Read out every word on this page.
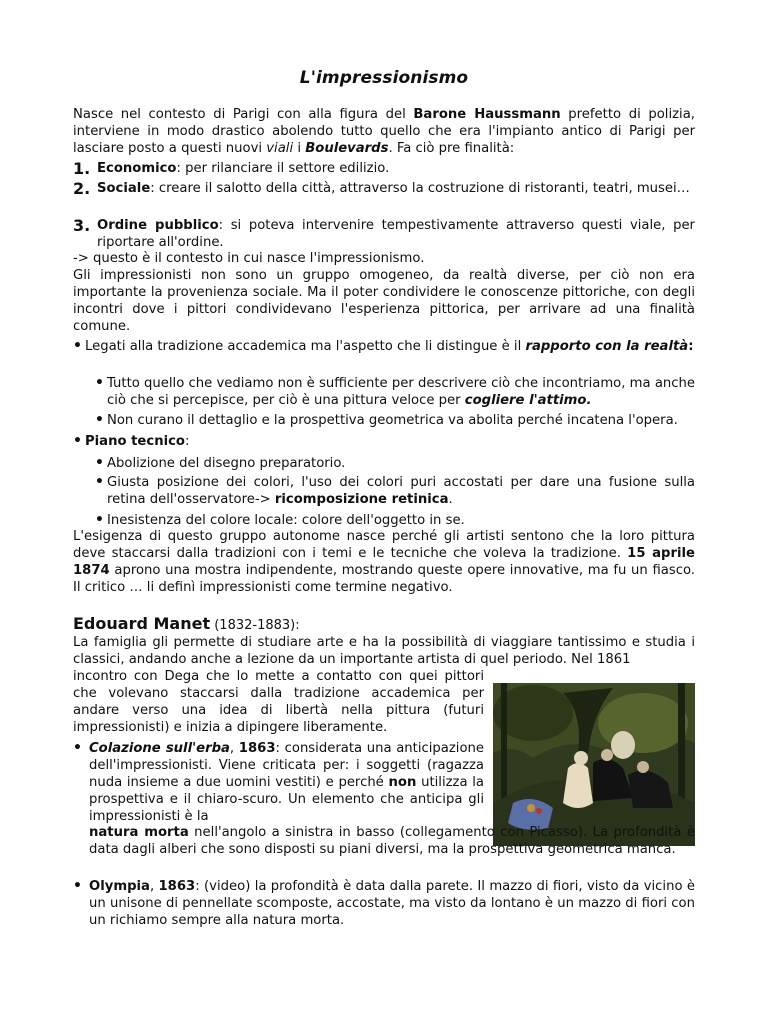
L'impressionismo
Nasce nel contesto di Parigi con alla figura del Barone Haussmann prefetto di polizia, interviene in modo drastico abolendo tutto quello che era l'impianto antico di Parigi per lasciare posto a questi nuovi viali i Boulevards. Fa ciò pre finalità:
1. Economico: per rilanciare il settore edilizio.
2. Sociale: creare il salotto della città, attraverso la costruzione di ristoranti, teatri, musei…
3. Ordine pubblico: si poteva intervenire tempestivamente attraverso questi viale, per riportare all'ordine.
-> questo è il contesto in cui nasce l'impressionismo.
Gli impressionisti non sono un gruppo omogeneo, da realtà diverse, per ciò non era importante la provenienza sociale. Ma il poter condividere le conoscenze pittoriche, con degli incontri dove i pittori condividevano l'esperienza pittorica, per arrivare ad una finalità comune.
• Legati alla tradizione accademica ma l'aspetto che li distingue è il rapporto con la realtà:
• Tutto quello che vediamo non è sufficiente per descrivere ciò che incontriamo, ma anche ciò che si percepisce, per ciò è una pittura veloce per cogliere l'attimo.
• Non curano il dettaglio e la prospettiva geometrica va abolita perché incatena l'opera.
• Piano tecnico:
• Abolizione del disegno preparatorio.
• Giusta posizione dei colori, l'uso dei colori puri accostati per dare una fusione sulla retina dell'osservatore-> ricomposizione retinica.
• Inesistenza del colore locale: colore dell'oggetto in se.
L'esigenza di questo gruppo autonome nasce perché gli artisti sentono che la loro pittura deve staccarsi dalla tradizioni con i temi e le tecniche che voleva la tradizione. 15 aprile 1874 aprono una mostra indipendente, mostrando queste opere innovative, ma fu un fiasco. Il critico … li definì impressionisti come termine negativo.
Edouard Manet (1832-1883):
La famiglia gli permette di studiare arte e ha la possibilità di viaggiare tantissimo e studia i classici, andando anche a lezione da un importante artista di quel periodo. Nel 1861
incontro con Dega che lo mette a contatto con quei pittori che volevano staccarsi dalla tradizione accademica per andare verso una idea di libertà nella pittura (futuri impressionisti) e inizia a dipingere liberamente.
• Colazione sull'erba, 1863: considerata una anticipazione dell'impressionisti. Viene criticata per: i soggetti (ragazza nuda insieme a due uomini vestiti) e perché non utilizza la prospettiva e il chiaro-scuro. Un elemento che anticipa gli impressionisti è la
natura morta nell'angolo a sinistra in basso (collegamento con Picasso). La profondità è data dagli alberi che sono disposti su piani diversi, ma la prospettiva geometrica manca.
• Olympia, 1863: (video) la profondità è data dalla parete. Il mazzo di fiori, visto da vicino è un unisone di pennellate scomposte, accostate, ma visto da lontano è un mazzo di fiori con un richiamo sempre alla natura morta.
